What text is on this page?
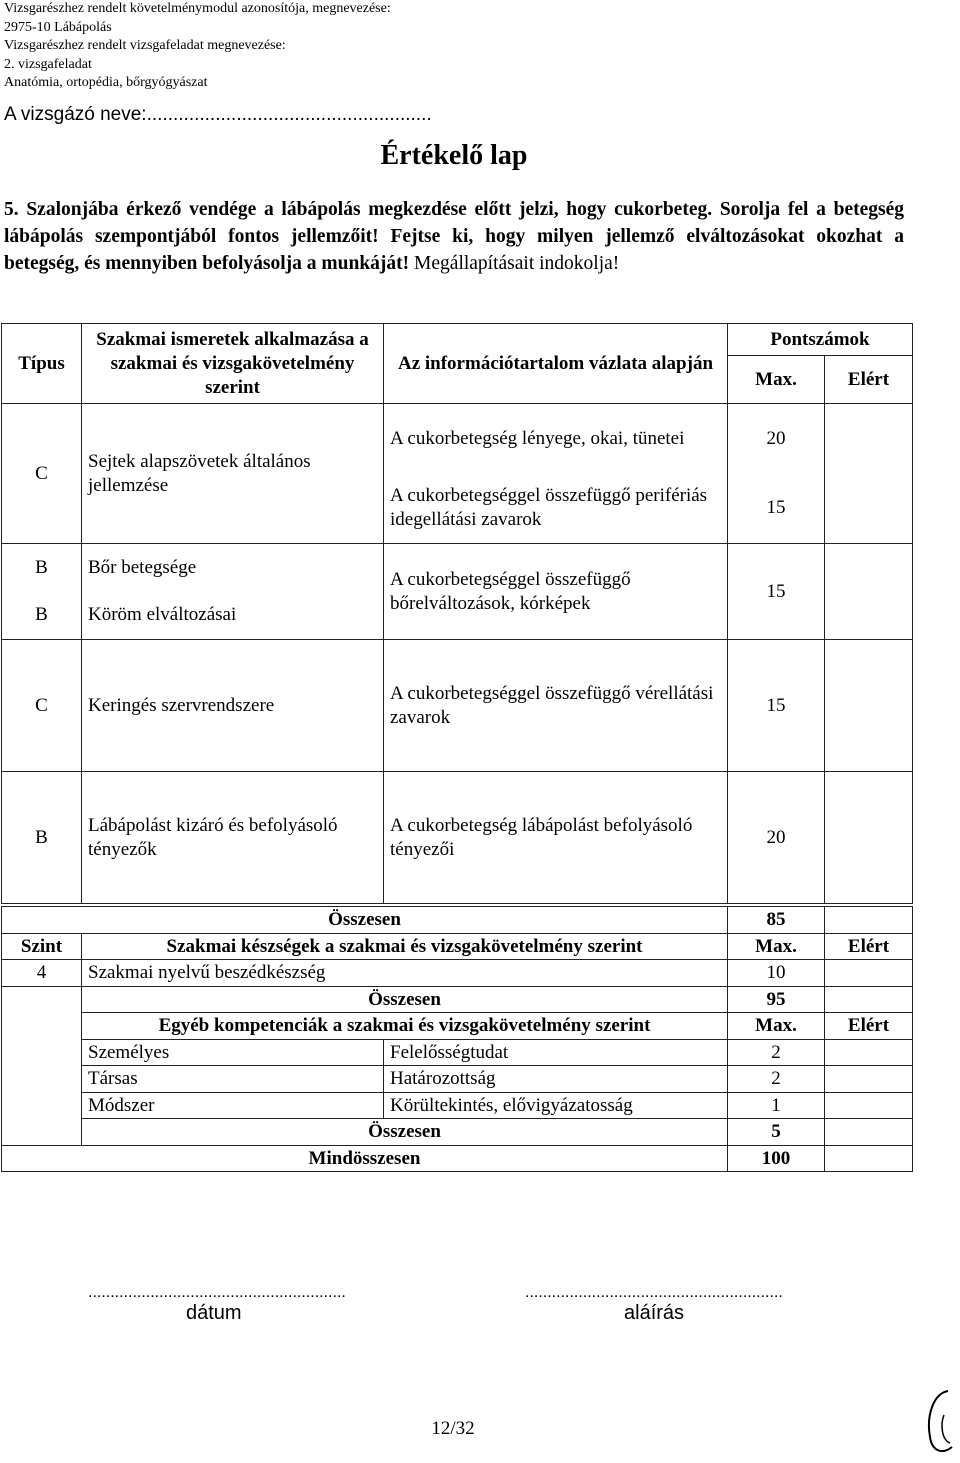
Vizsgarészhez rendelt követelménymodul azonosítója, megnevezése:
2975-10 Lábápolás
Vizsgarészhez rendelt vizsgafeladat megnevezése:
2. vizsgafeladat
Anatómia, ortopédia, bőrgyógyászat
A vizsgázó neve:......................................................
Értékelő lap
5. Szalonjába érkező vendége a lábápolás megkezdése előtt jelzi, hogy cukorbeteg. Sorolja fel a betegség lábápolás szempontjából fontos jellemzőit! Fejtse ki, hogy milyen jellemző elváltozásokat okozhat a betegség, és mennyiben befolyásolja a munkáját! Megállapításait indokolja!
Típus	Szakmai ismeretek alkalmazása a szakmai és vizsgakövetelmény szerint	Az információtartalom vázlata alapján	Pontszámok	
			Max.	Elért
C	Sejtek alapszövetek általános jellemzése	A cukorbetegség lényege, okai, tünetei	20	
		A cukorbetegséggel összefüggő perifériás idegellátási zavarok	15	
B	Bőr betegsége	A cukorbetegséggel összefüggő bőrelváltozások, kórképek	15	
B	Köröm elváltozásai			
C	Keringés szervrendszere	A cukorbetegséggel összefüggő vérellátási zavarok	15	
B	Lábápolást kizáró és befolyásoló tényezők	A cukorbetegség lábápolást befolyásoló tényezői	20	
Összesen			85	
Szint	Szakmai készségek a szakmai és vizsgakövetelmény szerint		Max.	Elért
4	Szakmai nyelvű beszédkészség		10	
	Összesen		95	
	Egyéb kompetenciák a szakmai és vizsgakövetelmény szerint		Max.	Elért
	Személyes	Felelősségtudat	2	
	Társas	Határozottság	2	
	Módszer	Körültekintés, elővigyázatosság	1	
	Összesen		5	
Mindösszesen			100	
..........................................................
dátum
..........................................................
aláírás
12/32
